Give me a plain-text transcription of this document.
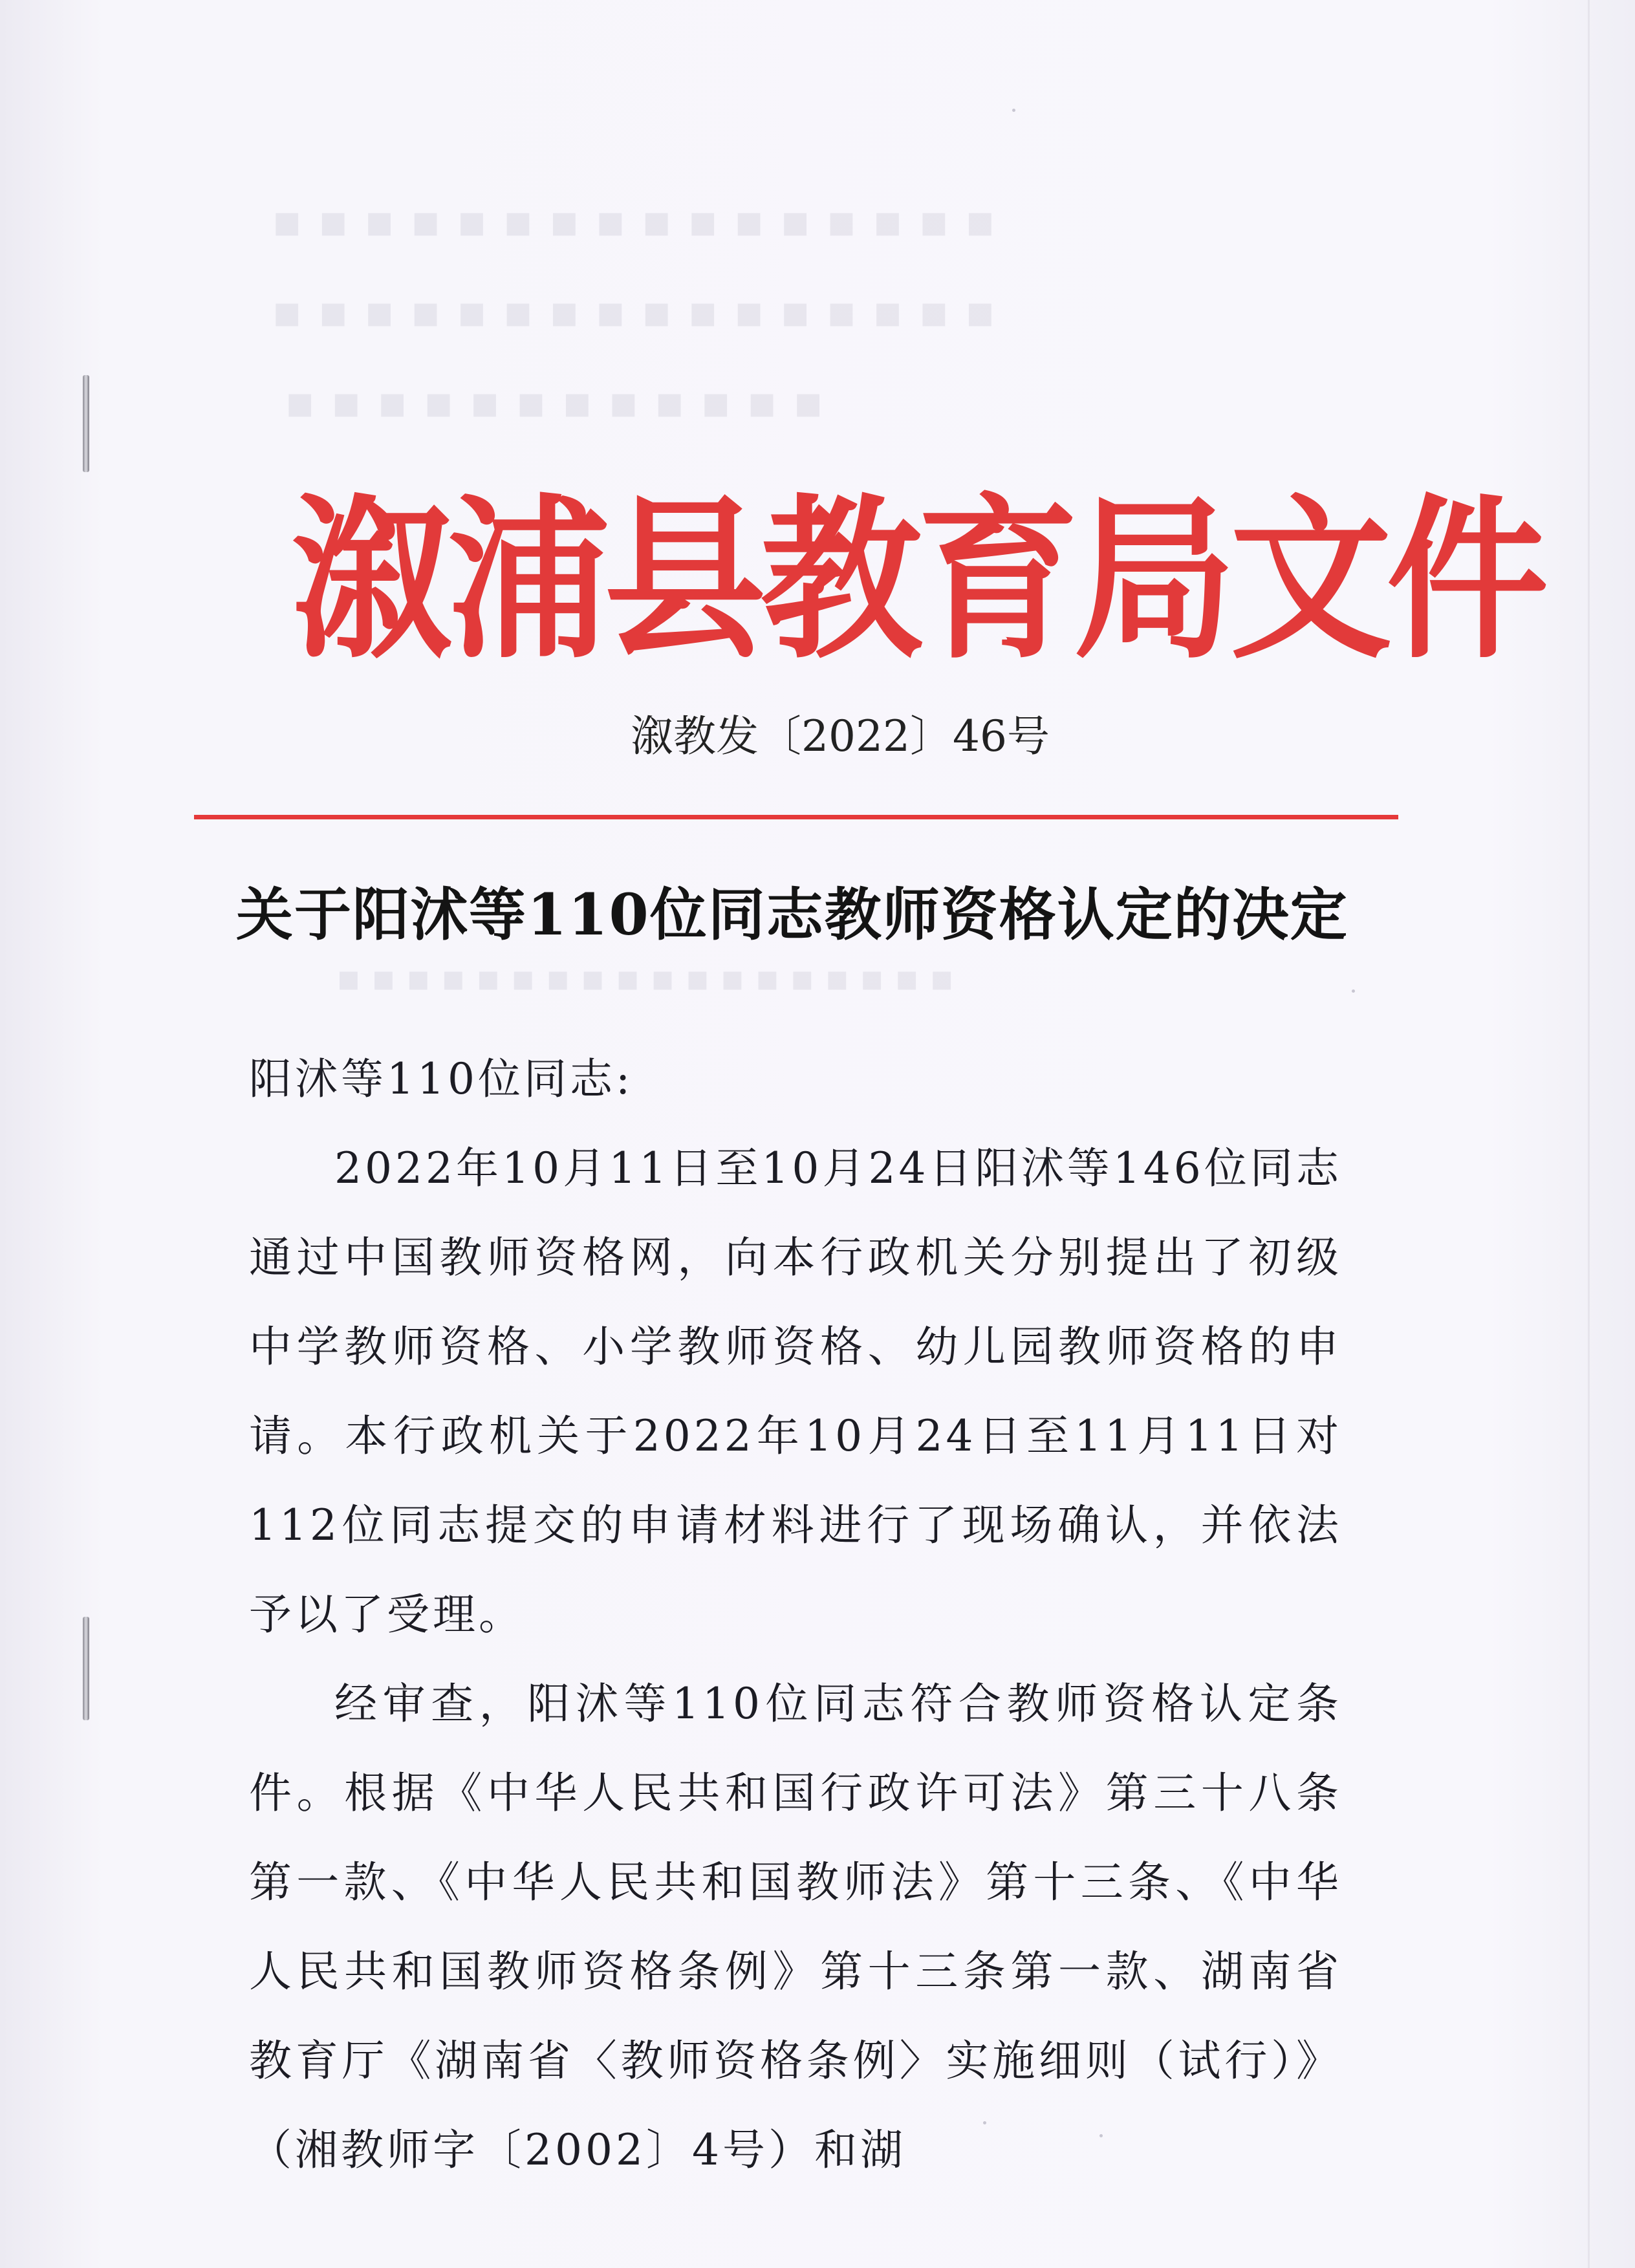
▪▪▪▪▪▪▪▪▪▪▪▪▪▪▪▪
▪▪▪▪▪▪▪▪▪▪▪▪▪▪▪▪
▪▪▪▪▪▪▪▪▪▪▪▪
▪▪▪▪▪▪▪▪▪▪▪▪▪▪▪▪▪▪
溆浦县教育局文件
溆教发〔2022〕46号
关于阳沭等110位同志教师资格认定的决定

阳沭等110位同志:

2022年10月11日至10月24日阳沭等146位同志通过中国教师资格网，向本行政机关分别提出了初级中学教师资格、小学教师资格、幼儿园教师资格的申请。本行政机关于2022年10月24日至11月11日对112位同志提交的申请材料进行了现场确认，并依法予以了受理。

经审查，阳沭等110位同志符合教师资格认定条件。根据《中华人民共和国行政许可法》第三十八条第一款、《中华人民共和国教师法》第十三条、《中华人民共和国教师资格条例》第十三条第一款、湖南省教育厅《湖南省〈教师资格条例〉实施细则（试行）》（湘教师字〔2002〕4号）和湖
